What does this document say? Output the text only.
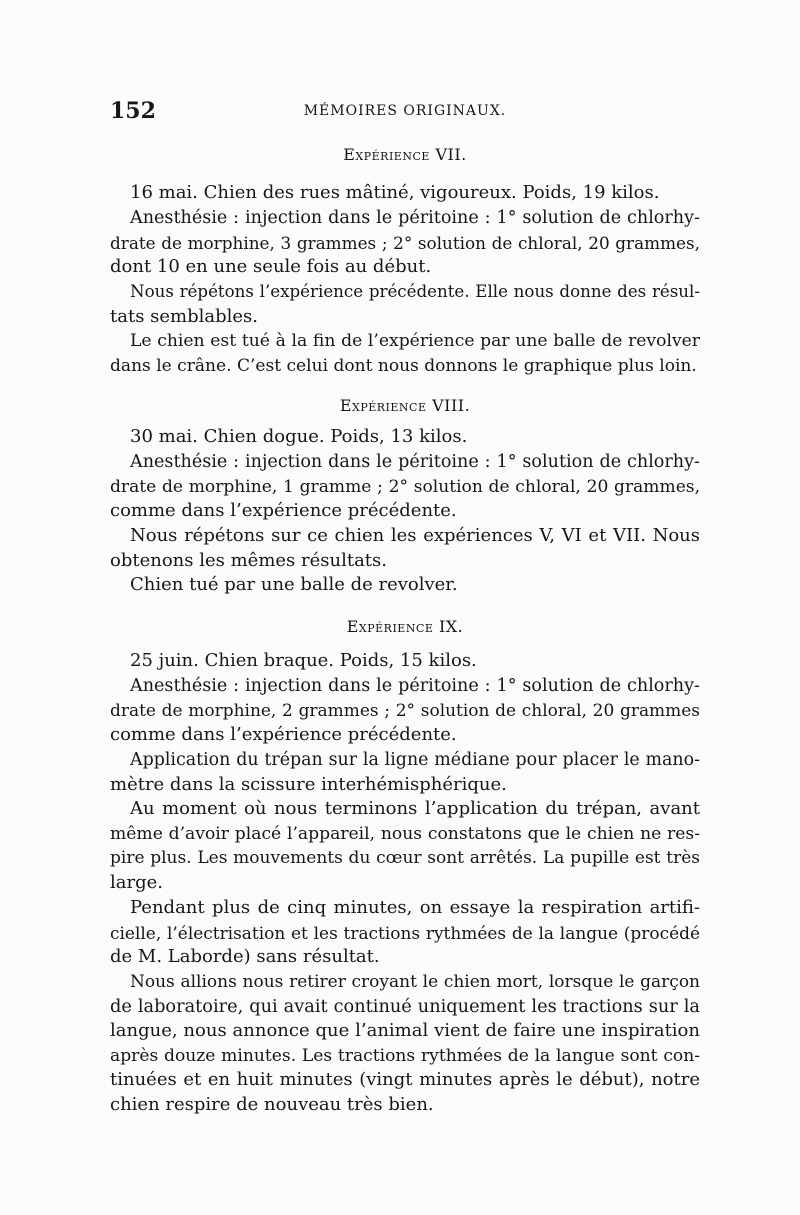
152	MÉMOIRES ORIGINAUX.
Expérience VII.
16 mai. Chien des rues mâtiné, vigoureux. Poids, 19 kilos.
Anesthésie : injection dans le péritoine : 1° solution de chlorhy-
drate de morphine, 3 grammes ; 2° solution de chloral, 20 grammes,
dont 10 en une seule fois au début.
Nous répétons l’expérience précédente. Elle nous donne des résul-
tats semblables.
Le chien est tué à la fin de l’expérience par une balle de revolver
dans le crâne. C’est celui dont nous donnons le graphique plus loin.
Expérience VIII.
30 mai. Chien dogue. Poids, 13 kilos.
Anesthésie : injection dans le péritoine : 1° solution de chlorhy-
drate de morphine, 1 gramme ; 2° solution de chloral, 20 grammes,
comme dans l’expérience précédente.
Nous répétons sur ce chien les expériences V, VI et VII. Nous
obtenons les mêmes résultats.
Chien tué par une balle de revolver.
Expérience IX.
25 juin. Chien braque. Poids, 15 kilos.
Anesthésie : injection dans le péritoine : 1° solution de chlorhy-
drate de morphine, 2 grammes ; 2° solution de chloral, 20 grammes
comme dans l’expérience précédente.
Application du trépan sur la ligne médiane pour placer le mano-
mètre dans la scissure interhémisphérique.
Au moment où nous terminons l’application du trépan, avant
même d’avoir placé l’appareil, nous constatons que le chien ne res-
pire plus. Les mouvements du cœur sont arrêtés. La pupille est très
large.
Pendant plus de cinq minutes, on essaye la respiration artifi-
cielle, l’électrisation et les tractions rythmées de la langue (procédé
de M. Laborde) sans résultat.
Nous allions nous retirer croyant le chien mort, lorsque le garçon
de laboratoire, qui avait continué uniquement les tractions sur la
langue, nous annonce que l’animal vient de faire une inspiration
après douze minutes. Les tractions rythmées de la langue sont con-
tinuées et en huit minutes (vingt minutes après le début), notre
chien respire de nouveau très bien.
